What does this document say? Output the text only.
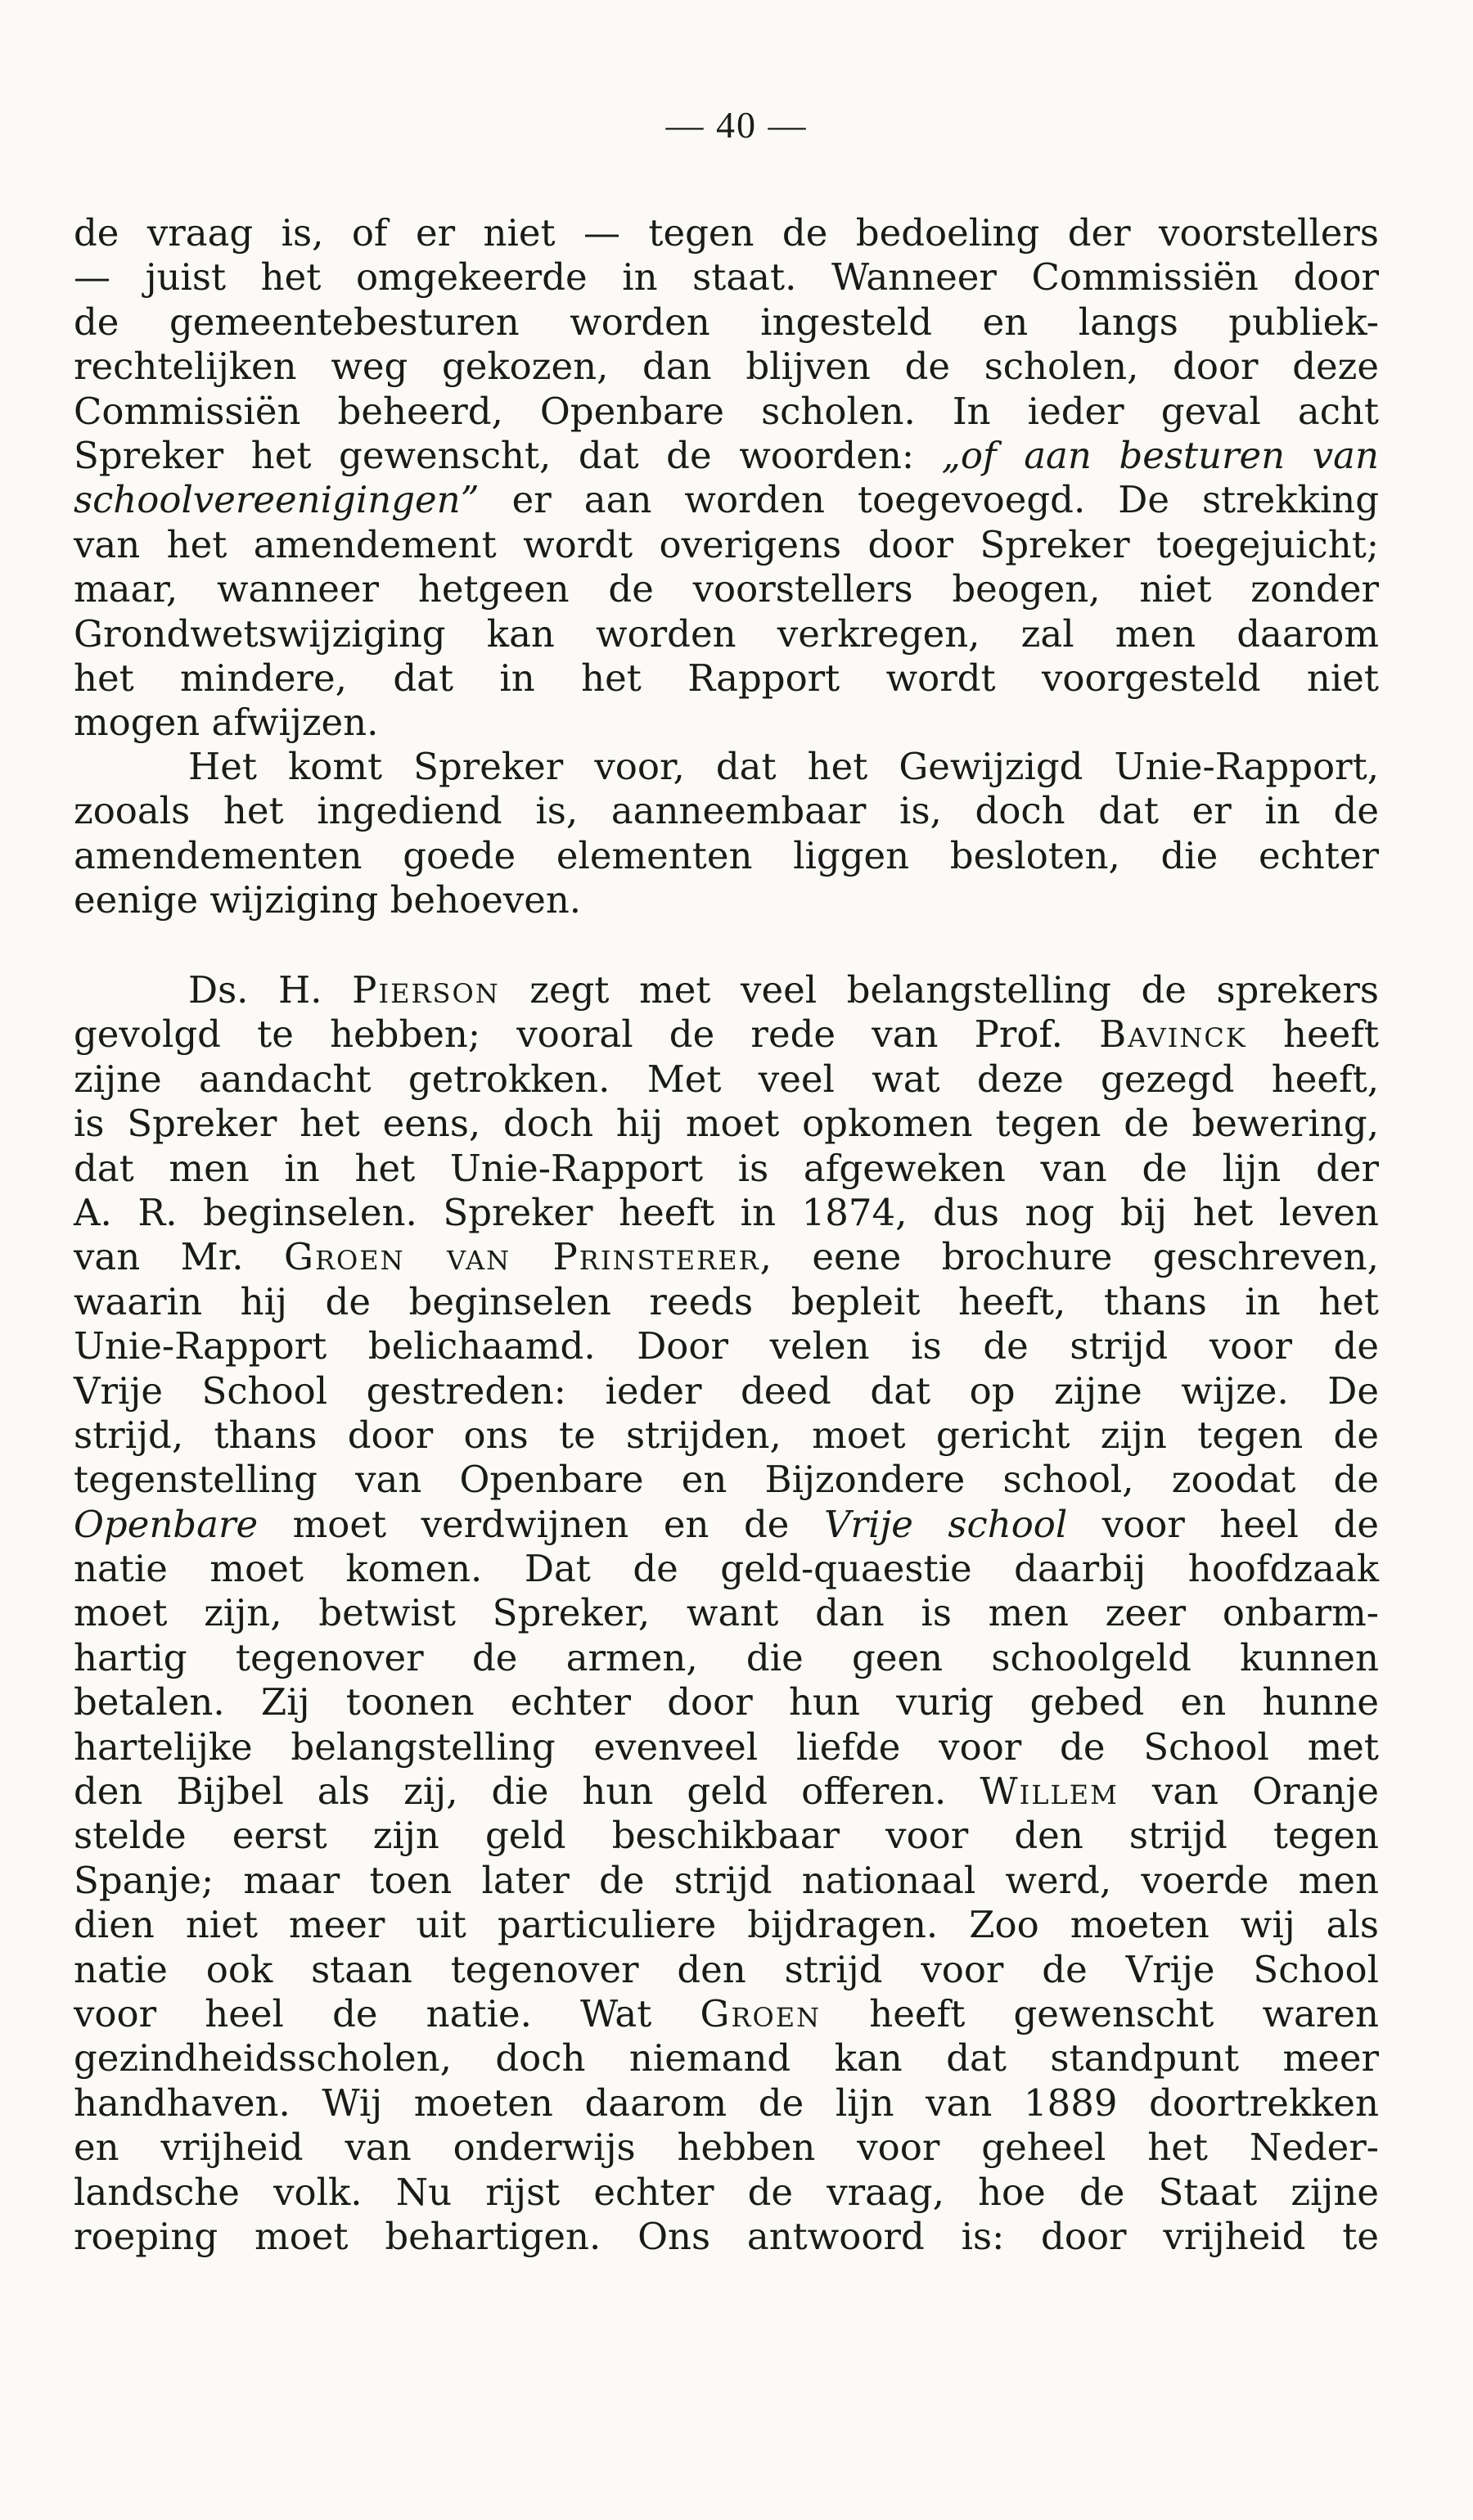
— 40 —
de vraag is, of er niet — tegen de bedoeling der voorstellers
— juist het omgekeerde in staat. Wanneer Commissiën door
de gemeentebesturen worden ingesteld en langs publiek-
rechtelijken weg gekozen, dan blijven de scholen, door deze
Commissiën beheerd, Openbare scholen. In ieder geval acht
Spreker het gewenscht, dat de woorden: „of aan besturen van
schoolvereenigingen” er aan worden toegevoegd. De strekking
van het amendement wordt overigens door Spreker toegejuicht;
maar, wanneer hetgeen de voorstellers beogen, niet zonder
Grondwetswijziging kan worden verkregen, zal men daarom
het mindere, dat in het Rapport wordt voorgesteld niet
mogen afwijzen.
Het komt Spreker voor, dat het Gewijzigd Unie-Rapport,
zooals het ingediend is, aanneembaar is, doch dat er in de
amendementen goede elementen liggen besloten, die echter
eenige wijziging behoeven.
Ds. H. Pierson zegt met veel belangstelling de sprekers
gevolgd te hebben; vooral de rede van Prof. Bavinck heeft
zijne aandacht getrokken. Met veel wat deze gezegd heeft,
is Spreker het eens, doch hij moet opkomen tegen de bewering,
dat men in het Unie-Rapport is afgeweken van de lijn der
A. R. beginselen. Spreker heeft in 1874, dus nog bij het leven
van Mr. Groen van Prinsterer, eene brochure geschreven,
waarin hij de beginselen reeds bepleit heeft, thans in het
Unie-Rapport belichaamd. Door velen is de strijd voor de
Vrije School gestreden: ieder deed dat op zijne wijze. De
strijd, thans door ons te strijden, moet gericht zijn tegen de
tegenstelling van Openbare en Bijzondere school, zoodat de
Openbare moet verdwijnen en de Vrije school voor heel de
natie moet komen. Dat de geld-quaestie daarbij hoofdzaak
moet zijn, betwist Spreker, want dan is men zeer onbarm-
hartig tegenover de armen, die geen schoolgeld kunnen
betalen. Zij toonen echter door hun vurig gebed en hunne
hartelijke belangstelling evenveel liefde voor de School met
den Bijbel als zij, die hun geld offeren. Willem van Oranje
stelde eerst zijn geld beschikbaar voor den strijd tegen
Spanje; maar toen later de strijd nationaal werd, voerde men
dien niet meer uit particuliere bijdragen. Zoo moeten wij als
natie ook staan tegenover den strijd voor de Vrije School
voor heel de natie. Wat Groen heeft gewenscht waren
gezindheidsscholen, doch niemand kan dat standpunt meer
handhaven. Wij moeten daarom de lijn van 1889 doortrekken
en vrijheid van onderwijs hebben voor geheel het Neder-
landsche volk. Nu rijst echter de vraag, hoe de Staat zijne
roeping moet behartigen. Ons antwoord is: door vrijheid te
